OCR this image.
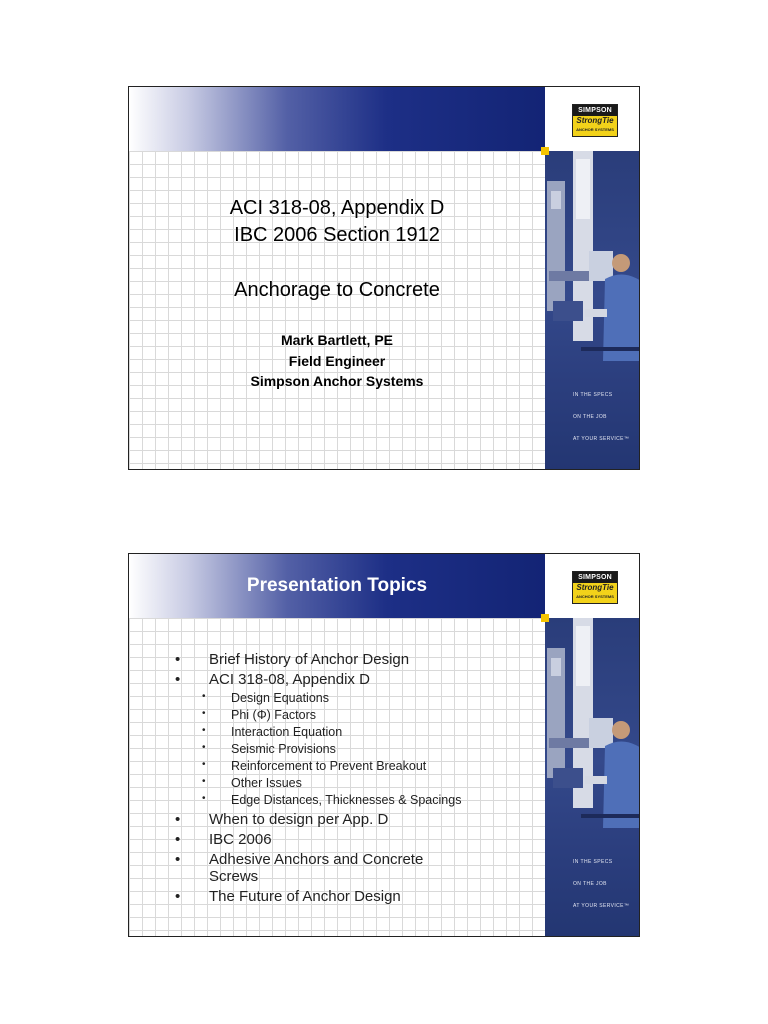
SIMPSON
StrongTie
ANCHOR SYSTEMS
IN THE SPECS
ON THE JOB
AT YOUR SERVICE™
ACI 318-08, Appendix D
IBC 2006 Section 1912
Anchorage to Concrete
Mark Bartlett, PE
Field Engineer
Simpson Anchor Systems
Presentation Topics	SIMPSON
StrongTie
ANCHOR SYSTEMS
IN THE SPECS
ON THE JOB
AT YOUR SERVICE™
• Brief History of Anchor Design
• ACI 318-08, Appendix D
• Design Equations
• Phi (Φ) Factors
• Interaction Equation
• Seismic Provisions
• Reinforcement to Prevent Breakout
• Other Issues
• Edge Distances, Thicknesses & Spacings
• When to design per App. D
• IBC 2006
• Adhesive Anchors and Concrete
Screws
• The Future of Anchor Design
